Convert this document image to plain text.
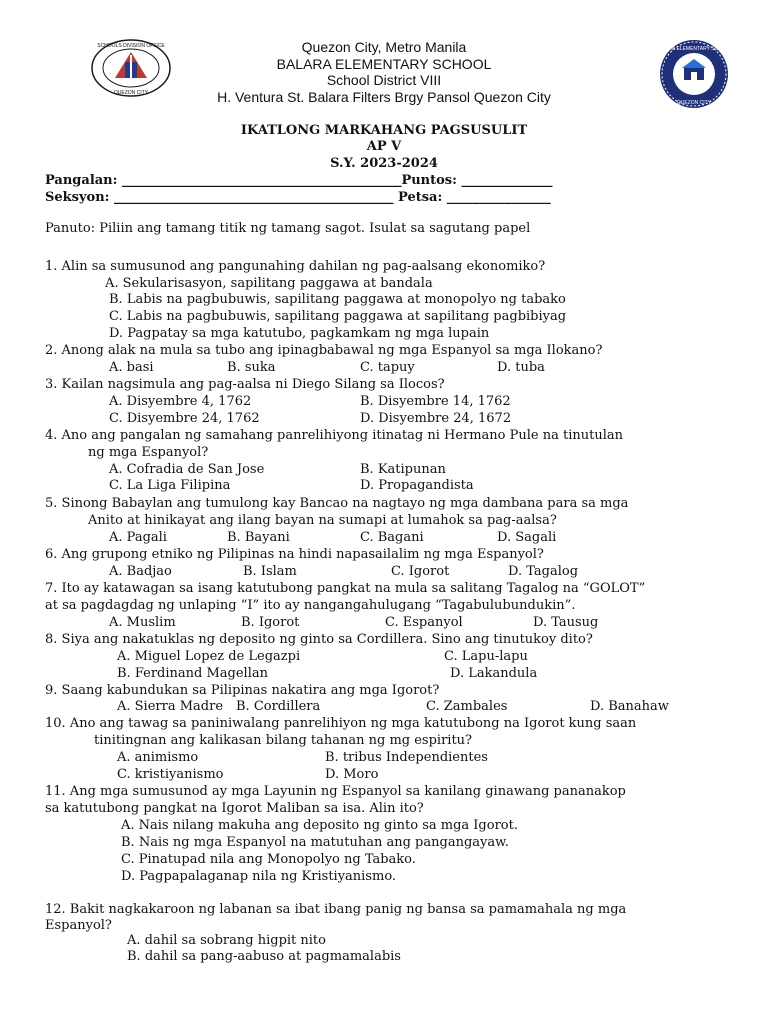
SCHOOLS DIVISION OFFICE
QUEZON CITY
BALARA ELEMENTARY SCHOOL
QUEZON CITY
Quezon City, Metro Manila
BALARA ELEMENTARY SCHOOL
School District VIII
H. Ventura St. Balara Filters Brgy Pansol Quezon City
IKATLONG MARKAHANG PAGSUSULIT
AP V
S.Y. 2023-2024
Pangalan: ___________________________________________Puntos: ______________
Seksyon: ___________________________________________ Petsa: ________________
Panuto: Piliin ang tamang titik ng tamang sagot. Isulat sa sagutang papel
1. Alin sa sumusunod ang pangunahing dahilan ng pag-aalsang ekonomiko?
A. Sekularisasyon, sapilitang paggawa at bandala
B. Labis na pagbubuwis, sapilitang paggawa at monopolyo ng tabako
C. Labis na pagbubuwis, sapilitang paggawa at sapilitang pagbibiyag
D. Pagpatay sa mga katutubo, pagkamkam ng mga lupain
2. Anong alak na mula sa tubo ang ipinagbabawal ng mga Espanyol sa mga Ilokano?
A. basi	B. suka	C. tapuy	D. tuba
3. Kailan nagsimula ang pag-aalsa ni Diego Silang sa Ilocos?
A. Disyembre 4, 1762	B. Disyembre 14, 1762
C. Disyembre 24, 1762	D. Disyembre 24, 1672
4. Ano ang pangalan ng samahang panrelihiyong itinatag ni Hermano Pule na tinutulan
ng mga Espanyol?
A. Cofradia de San Jose	B. Katipunan
C. La Liga Filipina	D. Propagandista
5. Sinong Babaylan ang tumulong kay Bancao na nagtayo ng mga dambana para sa mga
Anito at hinikayat ang ilang bayan na sumapi at lumahok sa pag-aalsa?
A. Pagali	B. Bayani	C. Bagani	D. Sagali
6. Ang grupong etniko ng Pilipinas na hindi napasailalim ng mga Espanyol?
A. Badjao	B. Islam	C. Igorot	D. Tagalog
7. Ito ay katawagan sa isang katutubong pangkat na mula sa salitang Tagalog na “GOLOT”
at sa pagdagdag ng unlaping “I” ito ay nangangahulugang “Tagabulubundukin”.
A. Muslim	B. Igorot	C. Espanyol	D. Tausug
8. Siya ang nakatuklas ng deposito ng ginto sa Cordillera. Sino ang tinutukoy dito?
A. Miguel Lopez de Legazpi	C. Lapu-lapu
B. Ferdinand Magellan	D. Lakandula
9. Saang kabundukan sa Pilipinas nakatira ang mga Igorot?
A. Sierra Madre B. Cordillera	C. Zambales	D. Banahaw
10. Ano ang tawag sa paniniwalang panrelihiyon ng mga katutubong na Igorot kung saan
tinitingnan ang kalikasan bilang tahanan ng mg espiritu?
A. animismo	B. tribus Independientes
C. kristiyanismo	D. Moro
11. Ang mga sumusunod ay mga Layunin ng Espanyol sa kanilang ginawang pananakop
sa katutubong pangkat na Igorot Maliban sa isa. Alin ito?
A. Nais nilang makuha ang deposito ng ginto sa mga Igorot.
B. Nais ng mga Espanyol na matutuhan ang pangangayaw.
C. Pinatupad nila ang Monopolyo ng Tabako.
D. Pagpapalaganap nila ng Kristiyanismo.
12. Bakit nagkakaroon ng labanan sa ibat ibang panig ng bansa sa pamamahala ng mga
Espanyol?
A. dahil sa sobrang higpit nito
B. dahil sa pang-aabuso at pagmamalabis
